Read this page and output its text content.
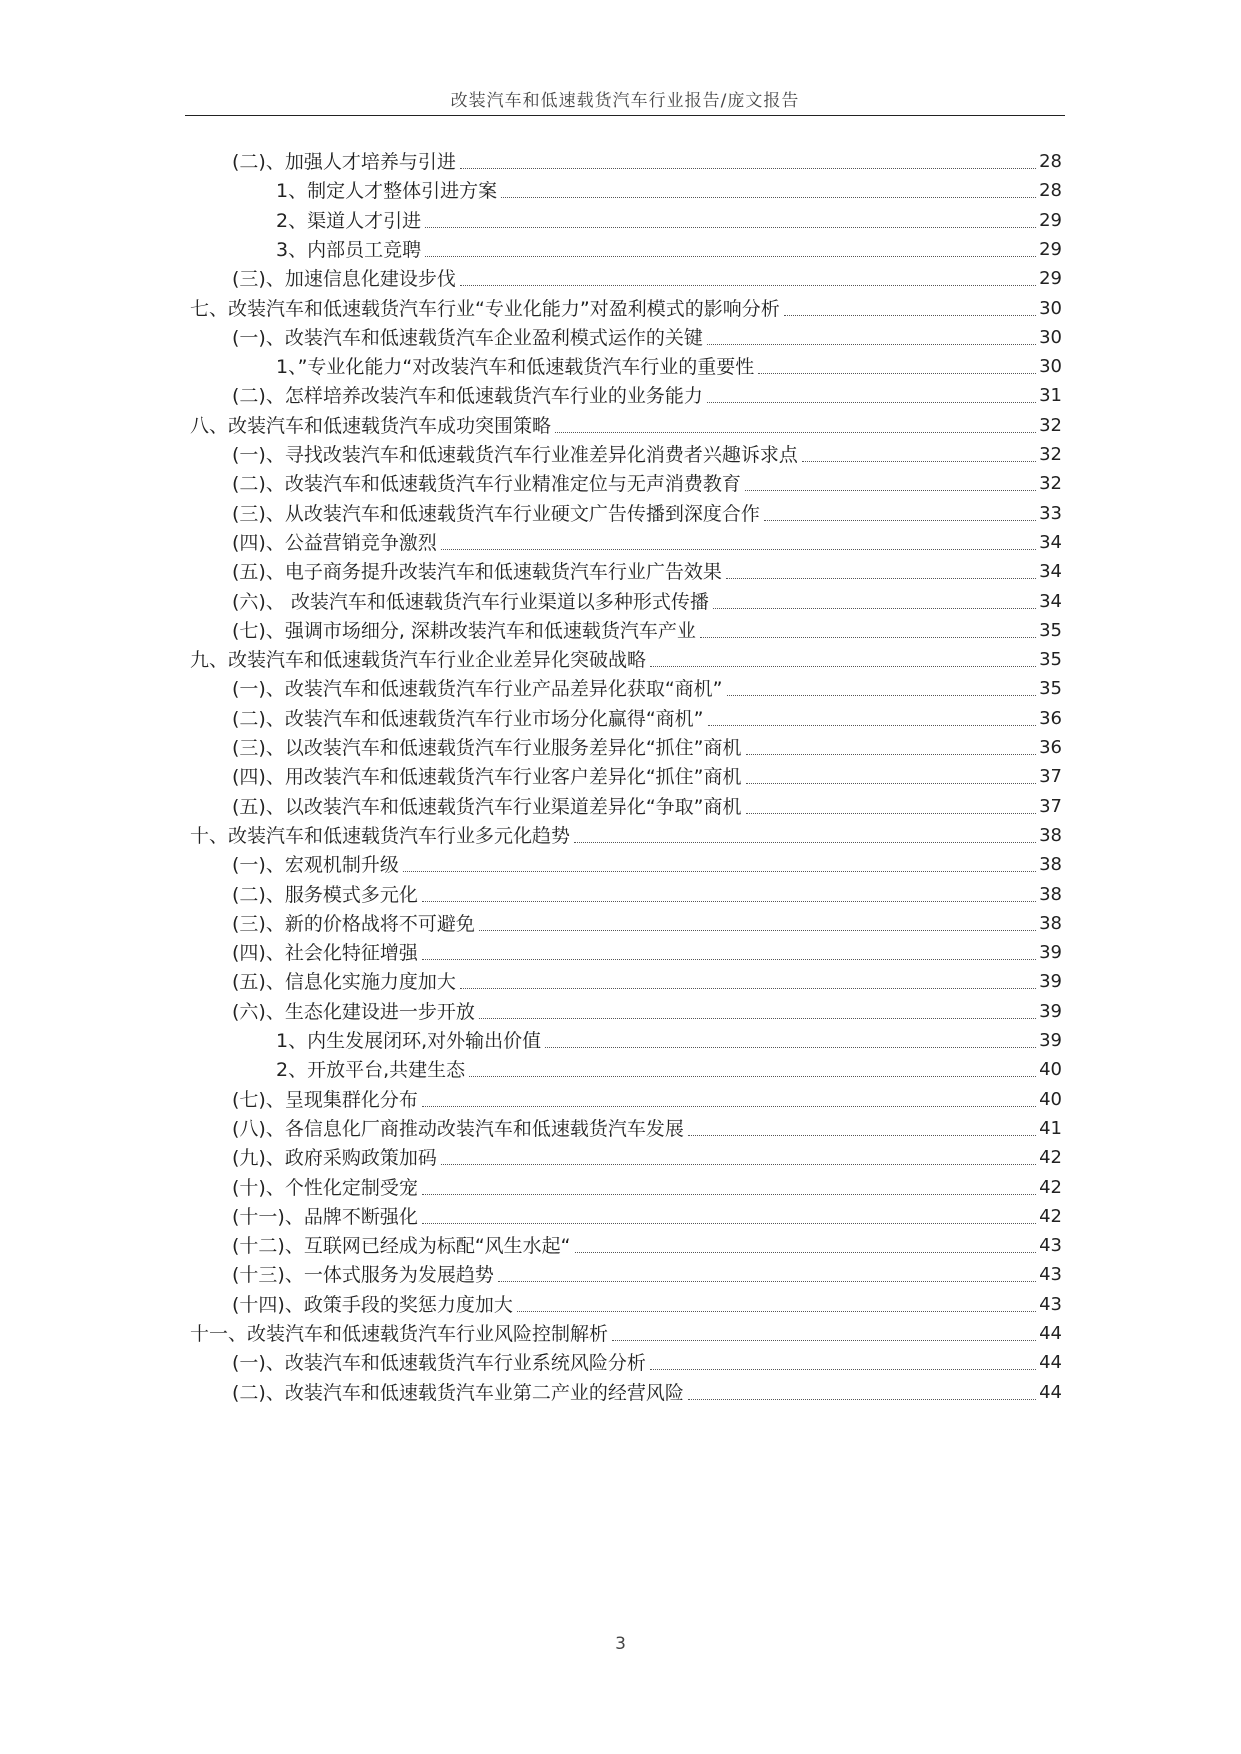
改装汽车和低速载货汽车行业报告/庞文报告
(二)、加强人才培养与引进	28
1、制定人才整体引进方案	28
2、渠道人才引进	29
3、内部员工竞聘	29
(三)、加速信息化建设步伐	29
七、改装汽车和低速载货汽车行业“专业化能力”对盈利模式的影响分析	30
(一)、改装汽车和低速载货汽车企业盈利模式运作的关键	30
1、”专业化能力“对改装汽车和低速载货汽车行业的重要性	30
(二)、怎样培养改装汽车和低速载货汽车行业的业务能力	31
八、改装汽车和低速载货汽车成功突围策略	32
(一)、寻找改装汽车和低速载货汽车行业准差异化消费者兴趣诉求点	32
(二)、改装汽车和低速载货汽车行业精准定位与无声消费教育	32
(三)、从改装汽车和低速载货汽车行业硬文广告传播到深度合作	33
(四)、公益营销竞争激烈	34
(五)、电子商务提升改装汽车和低速载货汽车行业广告效果	34
(六)、 改装汽车和低速载货汽车行业渠道以多种形式传播	34
(七)、强调市场细分, 深耕改装汽车和低速载货汽车产业	35
九、改装汽车和低速载货汽车行业企业差异化突破战略	35
(一)、改装汽车和低速载货汽车行业产品差异化获取“商机”	35
(二)、改装汽车和低速载货汽车行业市场分化赢得“商机”	36
(三)、以改装汽车和低速载货汽车行业服务差异化“抓住”商机	36
(四)、用改装汽车和低速载货汽车行业客户差异化“抓住”商机	37
(五)、以改装汽车和低速载货汽车行业渠道差异化“争取”商机	37
十、改装汽车和低速载货汽车行业多元化趋势	38
(一)、宏观机制升级	38
(二)、服务模式多元化	38
(三)、新的价格战将不可避免	38
(四)、社会化特征增强	39
(五)、信息化实施力度加大	39
(六)、生态化建设进一步开放	39
1、内生发展闭环,对外输出价值	39
2、开放平台,共建生态	40
(七)、呈现集群化分布	40
(八)、各信息化厂商推动改装汽车和低速载货汽车发展	41
(九)、政府采购政策加码	42
(十)、个性化定制受宠	42
(十一)、品牌不断强化	42
(十二)、互联网已经成为标配“风生水起“	43
(十三)、一体式服务为发展趋势	43
(十四)、政策手段的奖惩力度加大	43
十一、改装汽车和低速载货汽车行业风险控制解析	44
(一)、改装汽车和低速载货汽车行业系统风险分析	44
(二)、改装汽车和低速载货汽车业第二产业的经营风险	44
3
